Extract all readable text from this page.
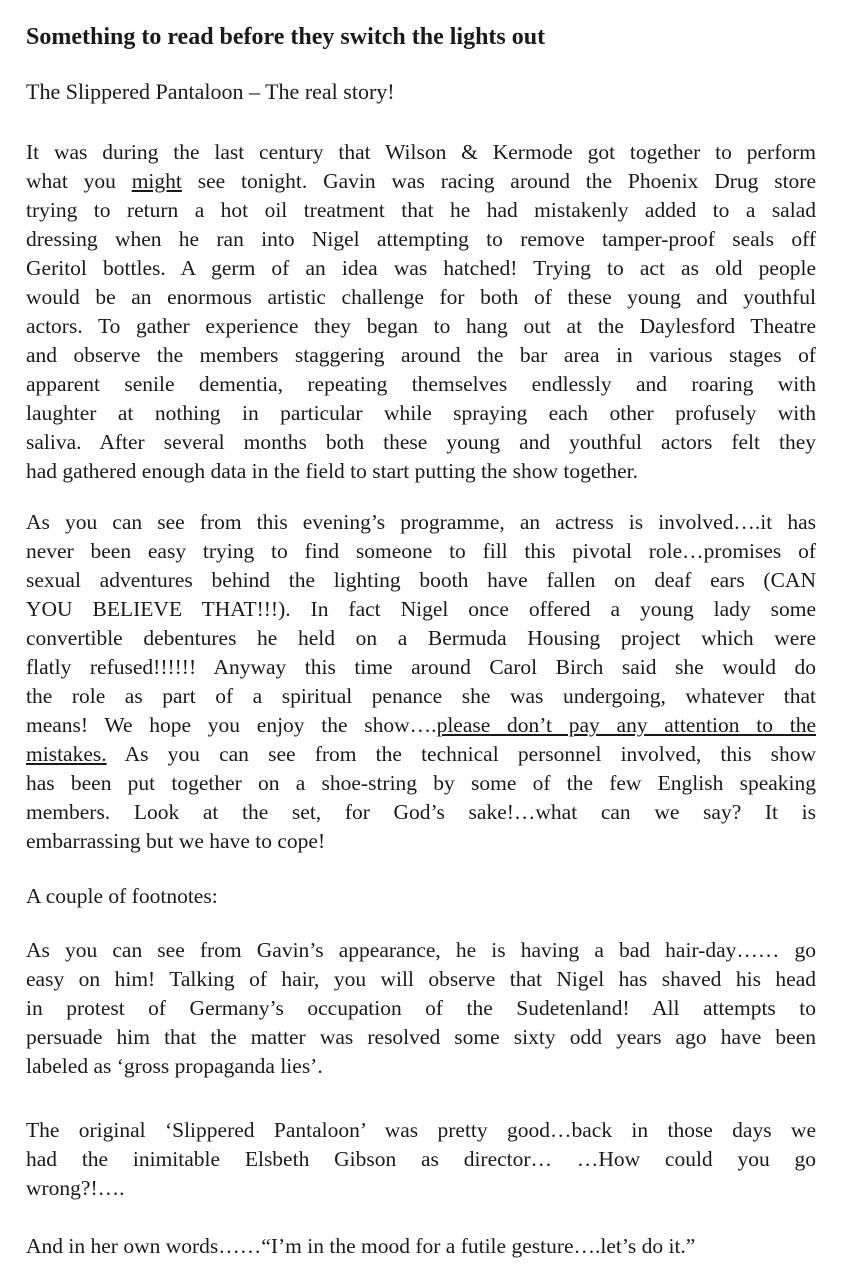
Something to read before they switch the lights out
The Slippered Pantaloon – The real story!
It was during the last century that Wilson & Kermode got together to perform
what you might see tonight. Gavin was racing around the Phoenix Drug store
trying to return a hot oil treatment that he had mistakenly added to a salad
dressing when he ran into Nigel attempting to remove tamper-proof seals off
Geritol bottles. A germ of an idea was hatched! Trying to act as old people
would be an enormous artistic challenge for both of these young and youthful
actors. To gather experience they began to hang out at the Daylesford Theatre
and observe the members staggering around the bar area in various stages of
apparent senile dementia, repeating themselves endlessly and roaring with
laughter at nothing in particular while spraying each other profusely with
saliva. After several months both these young and youthful actors felt they
had gathered enough data in the field to start putting the show together.
As you can see from this evening’s programme, an actress is involved….it has
never been easy trying to find someone to fill this pivotal role…promises of
sexual adventures behind the lighting booth have fallen on deaf ears (CAN
YOU BELIEVE THAT!!!). In fact Nigel once offered a young lady some
convertible debentures he held on a Bermuda Housing project which were
flatly refused!!!!!! Anyway this time around Carol Birch said she would do
the role as part of a spiritual penance she was undergoing, whatever that
means! We hope you enjoy the show….please don’t pay any attention to the
mistakes. As you can see from the technical personnel involved, this show
has been put together on a shoe-string by some of the few English speaking
members. Look at the set, for God’s sake!…what can we say? It is
embarrassing but we have to cope!
A couple of footnotes:
As you can see from Gavin’s appearance, he is having a bad hair-day…… go
easy on him! Talking of hair, you will observe that Nigel has shaved his head
in protest of Germany’s occupation of the Sudetenland! All attempts to
persuade him that the matter was resolved some sixty odd years ago have been
labeled as ‘gross propaganda lies’.
The original ‘Slippered Pantaloon’ was pretty good…back in those days we
had the inimitable Elsbeth Gibson as director… …How could you go
wrong?!….
And in her own words……“I’m in the mood for a futile gesture….let’s do it.”
